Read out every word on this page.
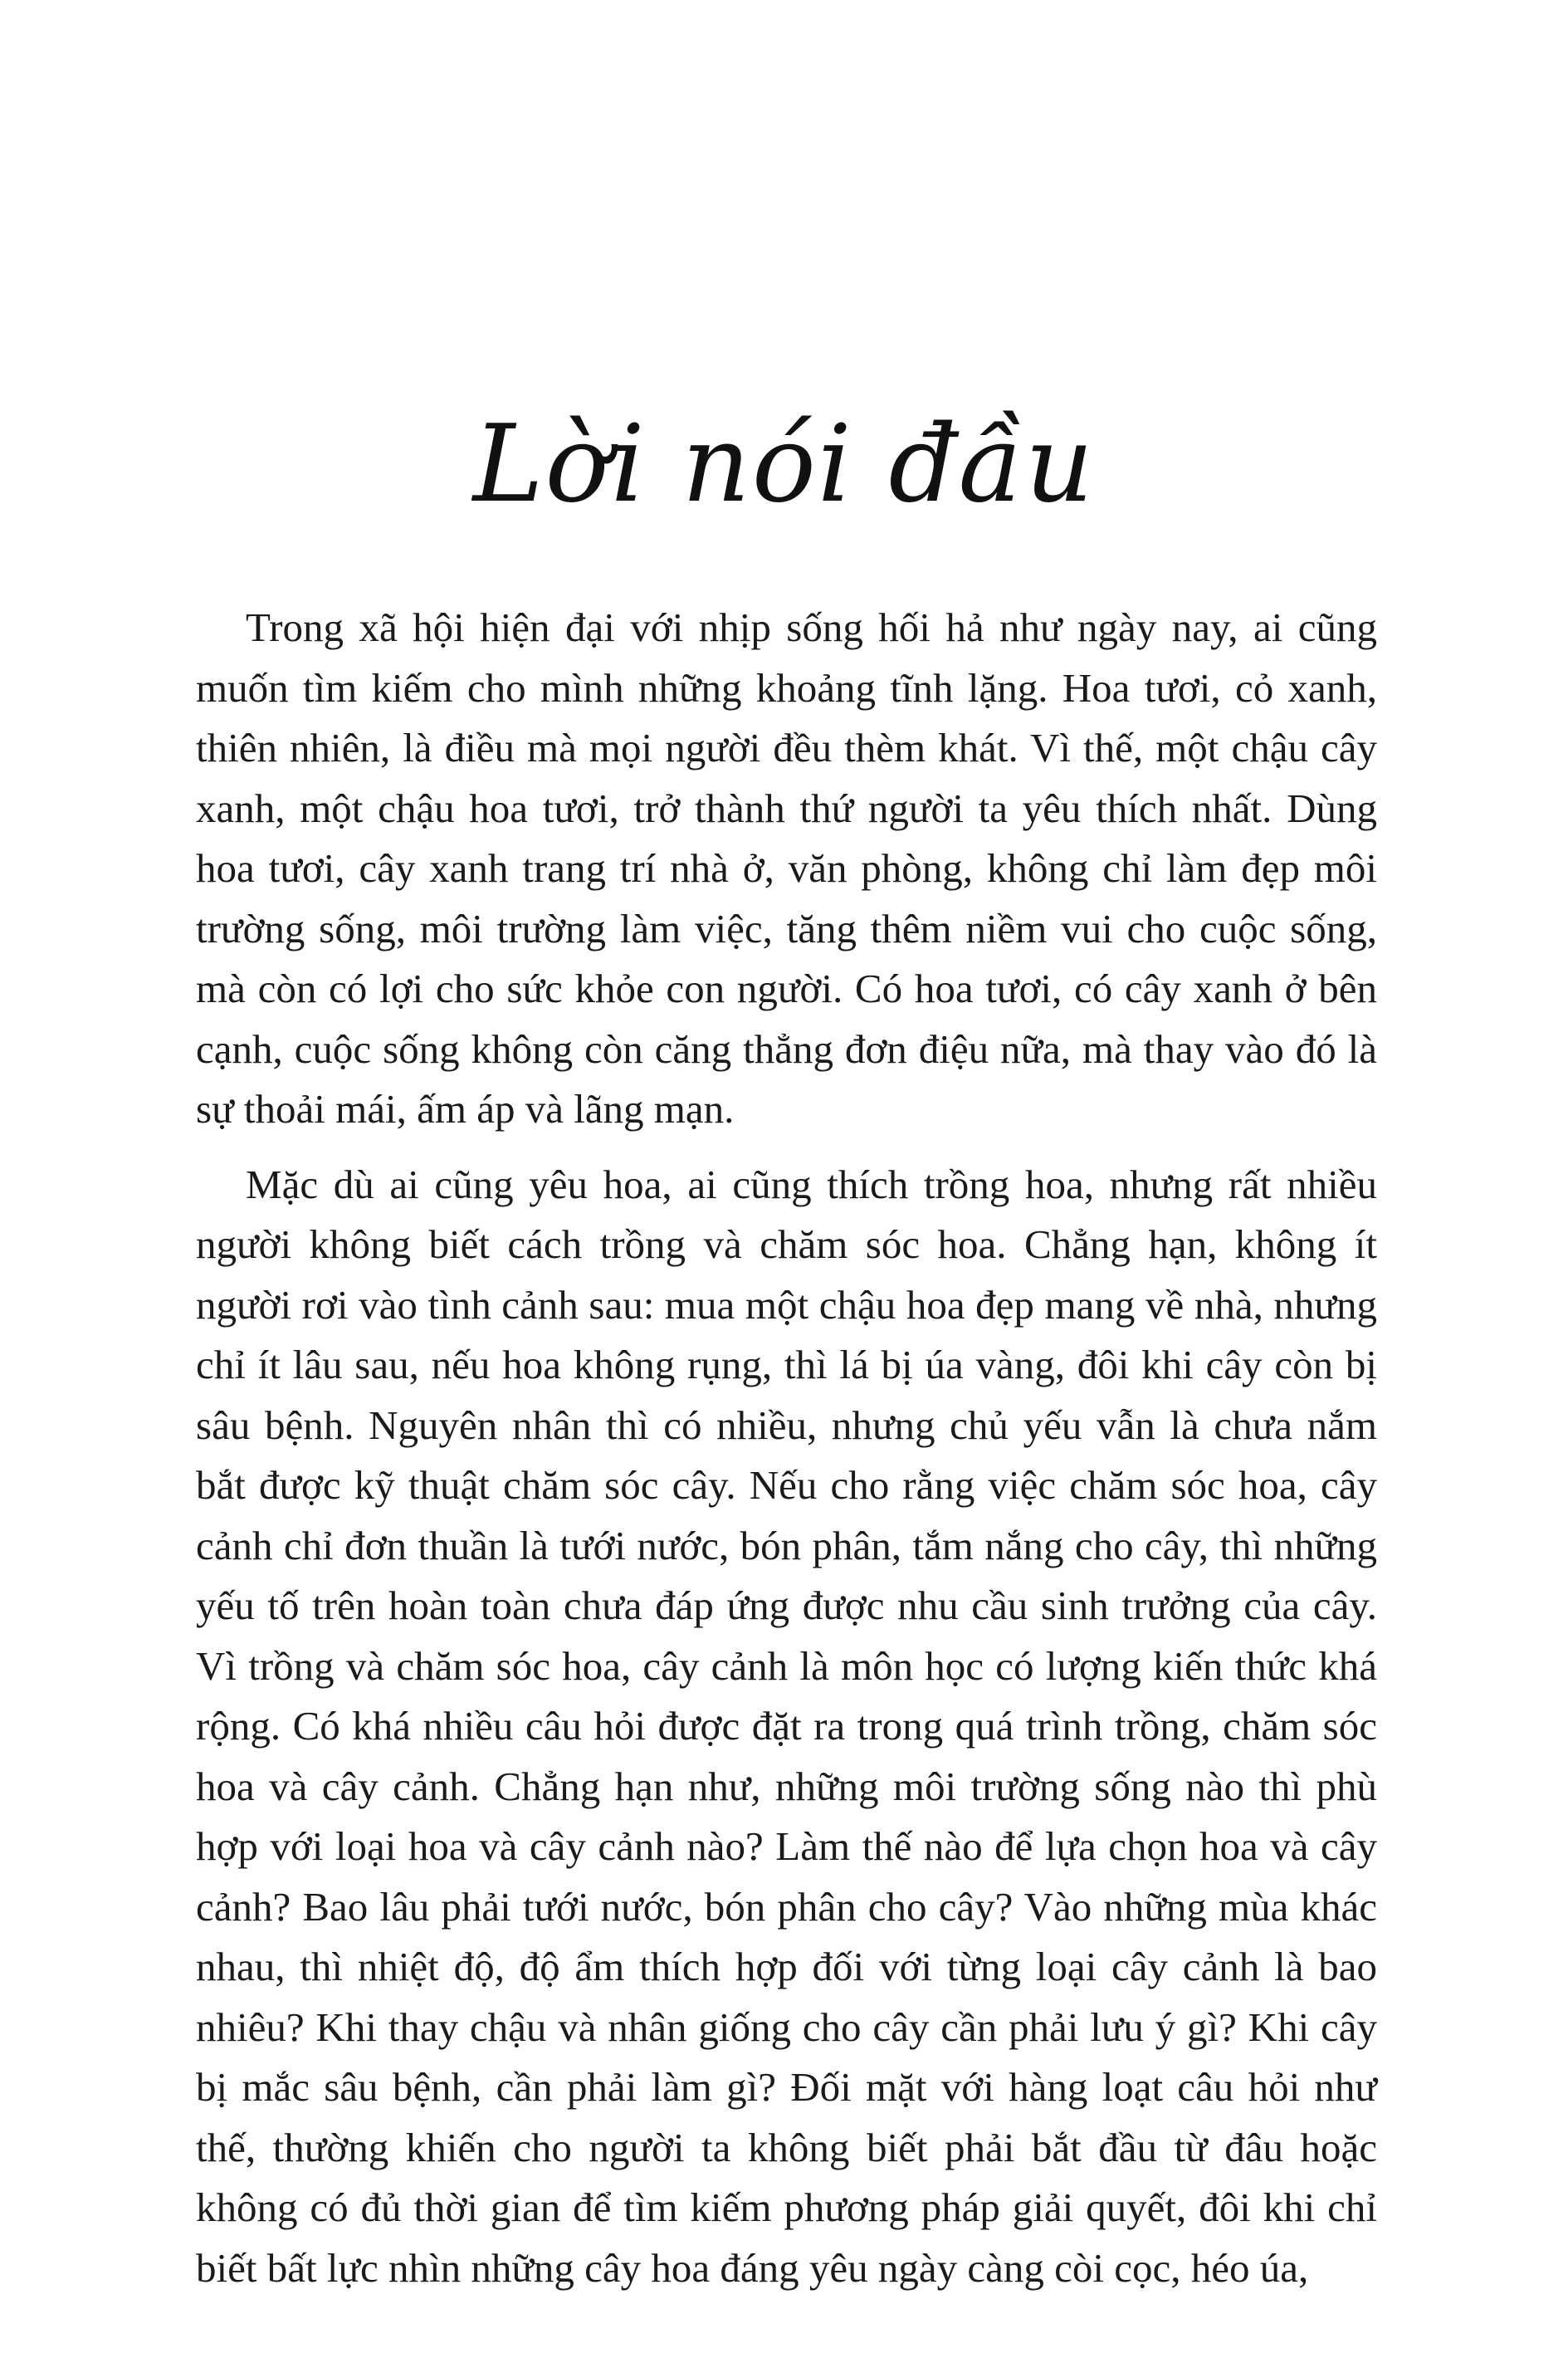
Lời nói đầu

Trong xã hội hiện đại với nhịp sống hối hả như ngày nay, ai cũng muốn tìm kiếm cho mình những khoảng tĩnh lặng. Hoa tươi, cỏ xanh, thiên nhiên, là điều mà mọi người đều thèm khát. Vì thế, một chậu cây xanh, một chậu hoa tươi, trở thành thứ người ta yêu thích nhất. Dùng hoa tươi, cây xanh trang trí nhà ở, văn phòng, không chỉ làm đẹp môi trường sống, môi trường làm việc, tăng thêm niềm vui cho cuộc sống, mà còn có lợi cho sức khỏe con người. Có hoa tươi, có cây xanh ở bên cạnh, cuộc sống không còn căng thẳng đơn điệu nữa, mà thay vào đó là sự thoải mái, ấm áp và lãng mạn.

Mặc dù ai cũng yêu hoa, ai cũng thích trồng hoa, nhưng rất nhiều người không biết cách trồng và chăm sóc hoa. Chẳng hạn, không ít người rơi vào tình cảnh sau: mua một chậu hoa đẹp mang về nhà, nhưng chỉ ít lâu sau, nếu hoa không rụng, thì lá bị úa vàng, đôi khi cây còn bị sâu bệnh. Nguyên nhân thì có nhiều, nhưng chủ yếu vẫn là chưa nắm bắt được kỹ thuật chăm sóc cây. Nếu cho rằng việc chăm sóc hoa, cây cảnh chỉ đơn thuần là tưới nước, bón phân, tắm nắng cho cây, thì những yếu tố trên hoàn toàn chưa đáp ứng được nhu cầu sinh trưởng của cây. Vì trồng và chăm sóc hoa, cây cảnh là môn học có lượng kiến thức khá rộng. Có khá nhiều câu hỏi được đặt ra trong quá trình trồng, chăm sóc hoa và cây cảnh. Chẳng hạn như, những môi trường sống nào thì phù hợp với loại hoa và cây cảnh nào? Làm thế nào để lựa chọn hoa và cây cảnh? Bao lâu phải tưới nước, bón phân cho cây? Vào những mùa khác nhau, thì nhiệt độ, độ ẩm thích hợp đối với từng loại cây cảnh là bao nhiêu? Khi thay chậu và nhân giống cho cây cần phải lưu ý gì? Khi cây bị mắc sâu bệnh, cần phải làm gì? Đối mặt với hàng loạt câu hỏi như thế, thường khiến cho người ta không biết phải bắt đầu từ đâu hoặc không có đủ thời gian để tìm kiếm phương pháp giải quyết, đôi khi chỉ biết bất lực nhìn những cây hoa đáng yêu ngày càng còi cọc, héo úa,
